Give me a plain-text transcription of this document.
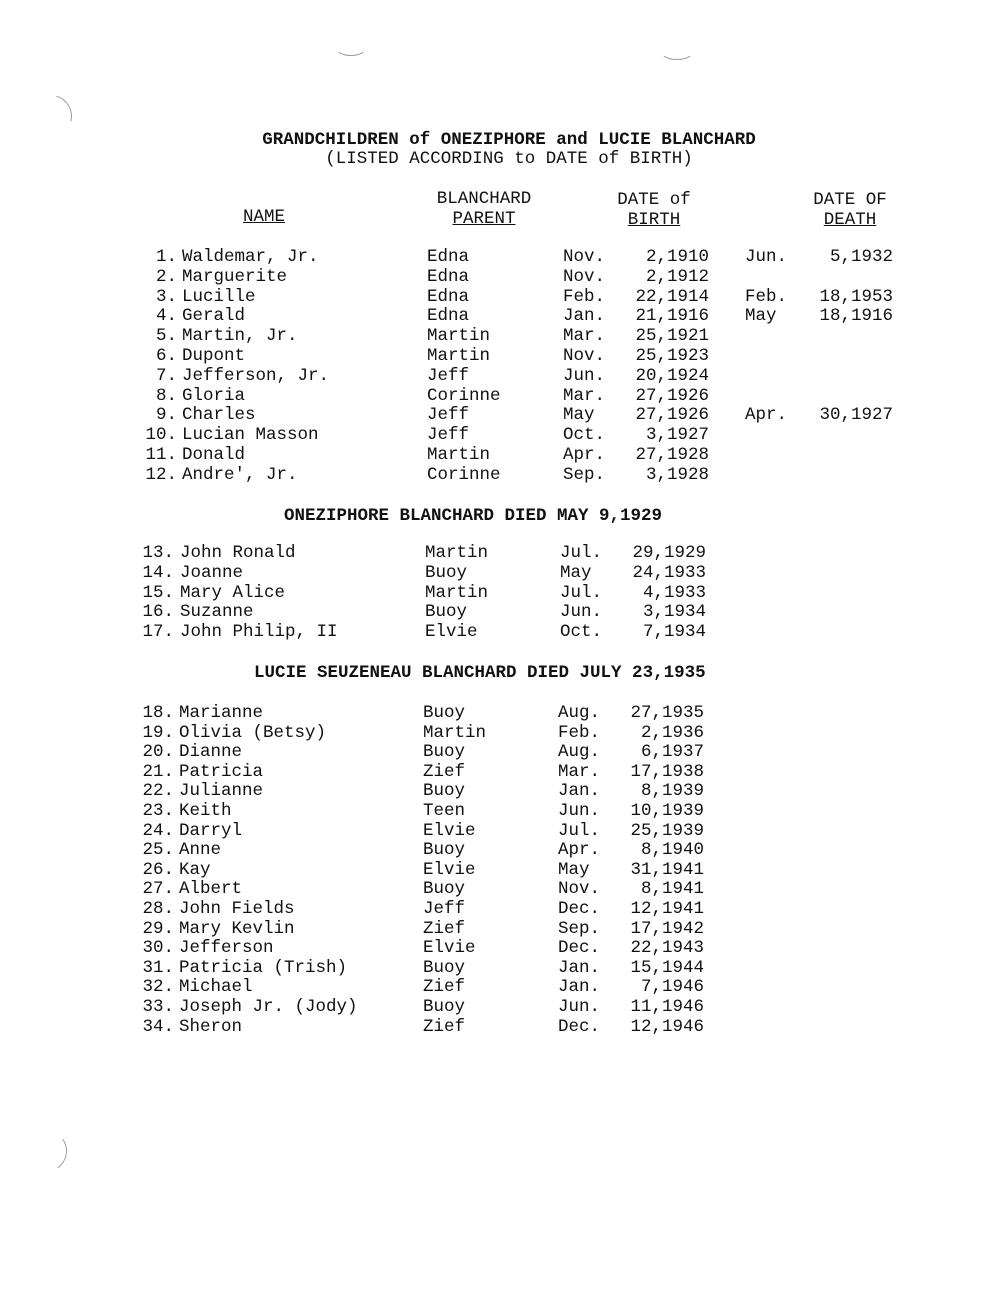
GRANDCHILDREN of ONEZIPHORE and LUCIE BLANCHARD
(LISTED ACCORDING to DATE of BIRTH)
NAME
BLANCHARD
PARENT
DATE of
BIRTH
DATE OF
DEATH
ONEZIPHORE BLANCHARD DIED MAY 9,1929
LUCIE SEUZENEAU BLANCHARD DIED JULY 23,1935
1. Waldemar, Jr.	Edna	Nov.	2,1910 Jun.	5,1932
2. Marguerite	Edna	Nov.	2,1912
3. Lucille	Edna	Feb.	22,1914 Feb.	18,1953
4. Gerald	Edna	Jan.	21,1916 May	18,1916
5. Martin, Jr.	Martin	Mar.	25,1921
6. Dupont	Martin	Nov.	25,1923
7. Jefferson, Jr.	Jeff	Jun.	20,1924
8. Gloria	Corinne	Mar.	27,1926
9. Charles	Jeff	May	27,1926 Apr.	30,1927
10. Lucian Masson	Jeff	Oct.	3,1927
11. Donald	Martin	Apr.	27,1928
12. Andre', Jr.	Corinne	Sep.	3,1928
13. John Ronald	Martin	Jul.	29,1929
14. Joanne	Buoy	May	24,1933
15. Mary Alice	Martin	Jul.	4,1933
16. Suzanne	Buoy	Jun.	3,1934
17. John Philip, II	Elvie	Oct.	7,1934
18. Marianne	Buoy	Aug.	27,1935
19. Olivia (Betsy)	Martin	Feb.	2,1936
20. Dianne	Buoy	Aug.	6,1937
21. Patricia	Zief	Mar.	17,1938
22. Julianne	Buoy	Jan.	8,1939
23. Keith	Teen	Jun.	10,1939
24. Darryl	Elvie	Jul.	25,1939
25. Anne	Buoy	Apr.	8,1940
26. Kay	Elvie	May	31,1941
27. Albert	Buoy	Nov.	8,1941
28. John Fields	Jeff	Dec.	12,1941
29. Mary Kevlin	Zief	Sep.	17,1942
30. Jefferson	Elvie	Dec.	22,1943
31. Patricia (Trish)	Buoy	Jan.	15,1944
32. Michael	Zief	Jan.	7,1946
33. Joseph Jr. (Jody)	Buoy	Jun.	11,1946
34. Sheron	Zief	Dec.	12,1946
